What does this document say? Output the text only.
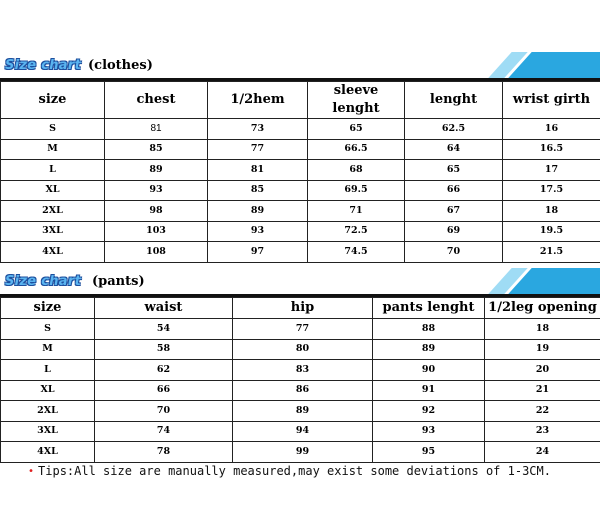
Size chart (clothes)
size	chest	1/2hem	sleeve lenght	lenght	wrist girth
S	81	73	65	62.5	16
M	85	77	66.5	64	16.5
L	89	81	68	65	17
XL	93	85	69.5	66	17.5
2XL	98	89	71	67	18
3XL	103	93	72.5	69	19.5
4XL	108	97	74.5	70	21.5
Size chart (pants)
size	waist	hip	pants lenght	1/2leg opening
S	54	77	88	18
M	58	80	89	19
L	62	83	90	20
XL	66	86	91	21
2XL	70	89	92	22
3XL	74	94	93	23
4XL	78	99	95	24
• Tips:All size are manually measured,may exist some deviations of 1-3CM.
